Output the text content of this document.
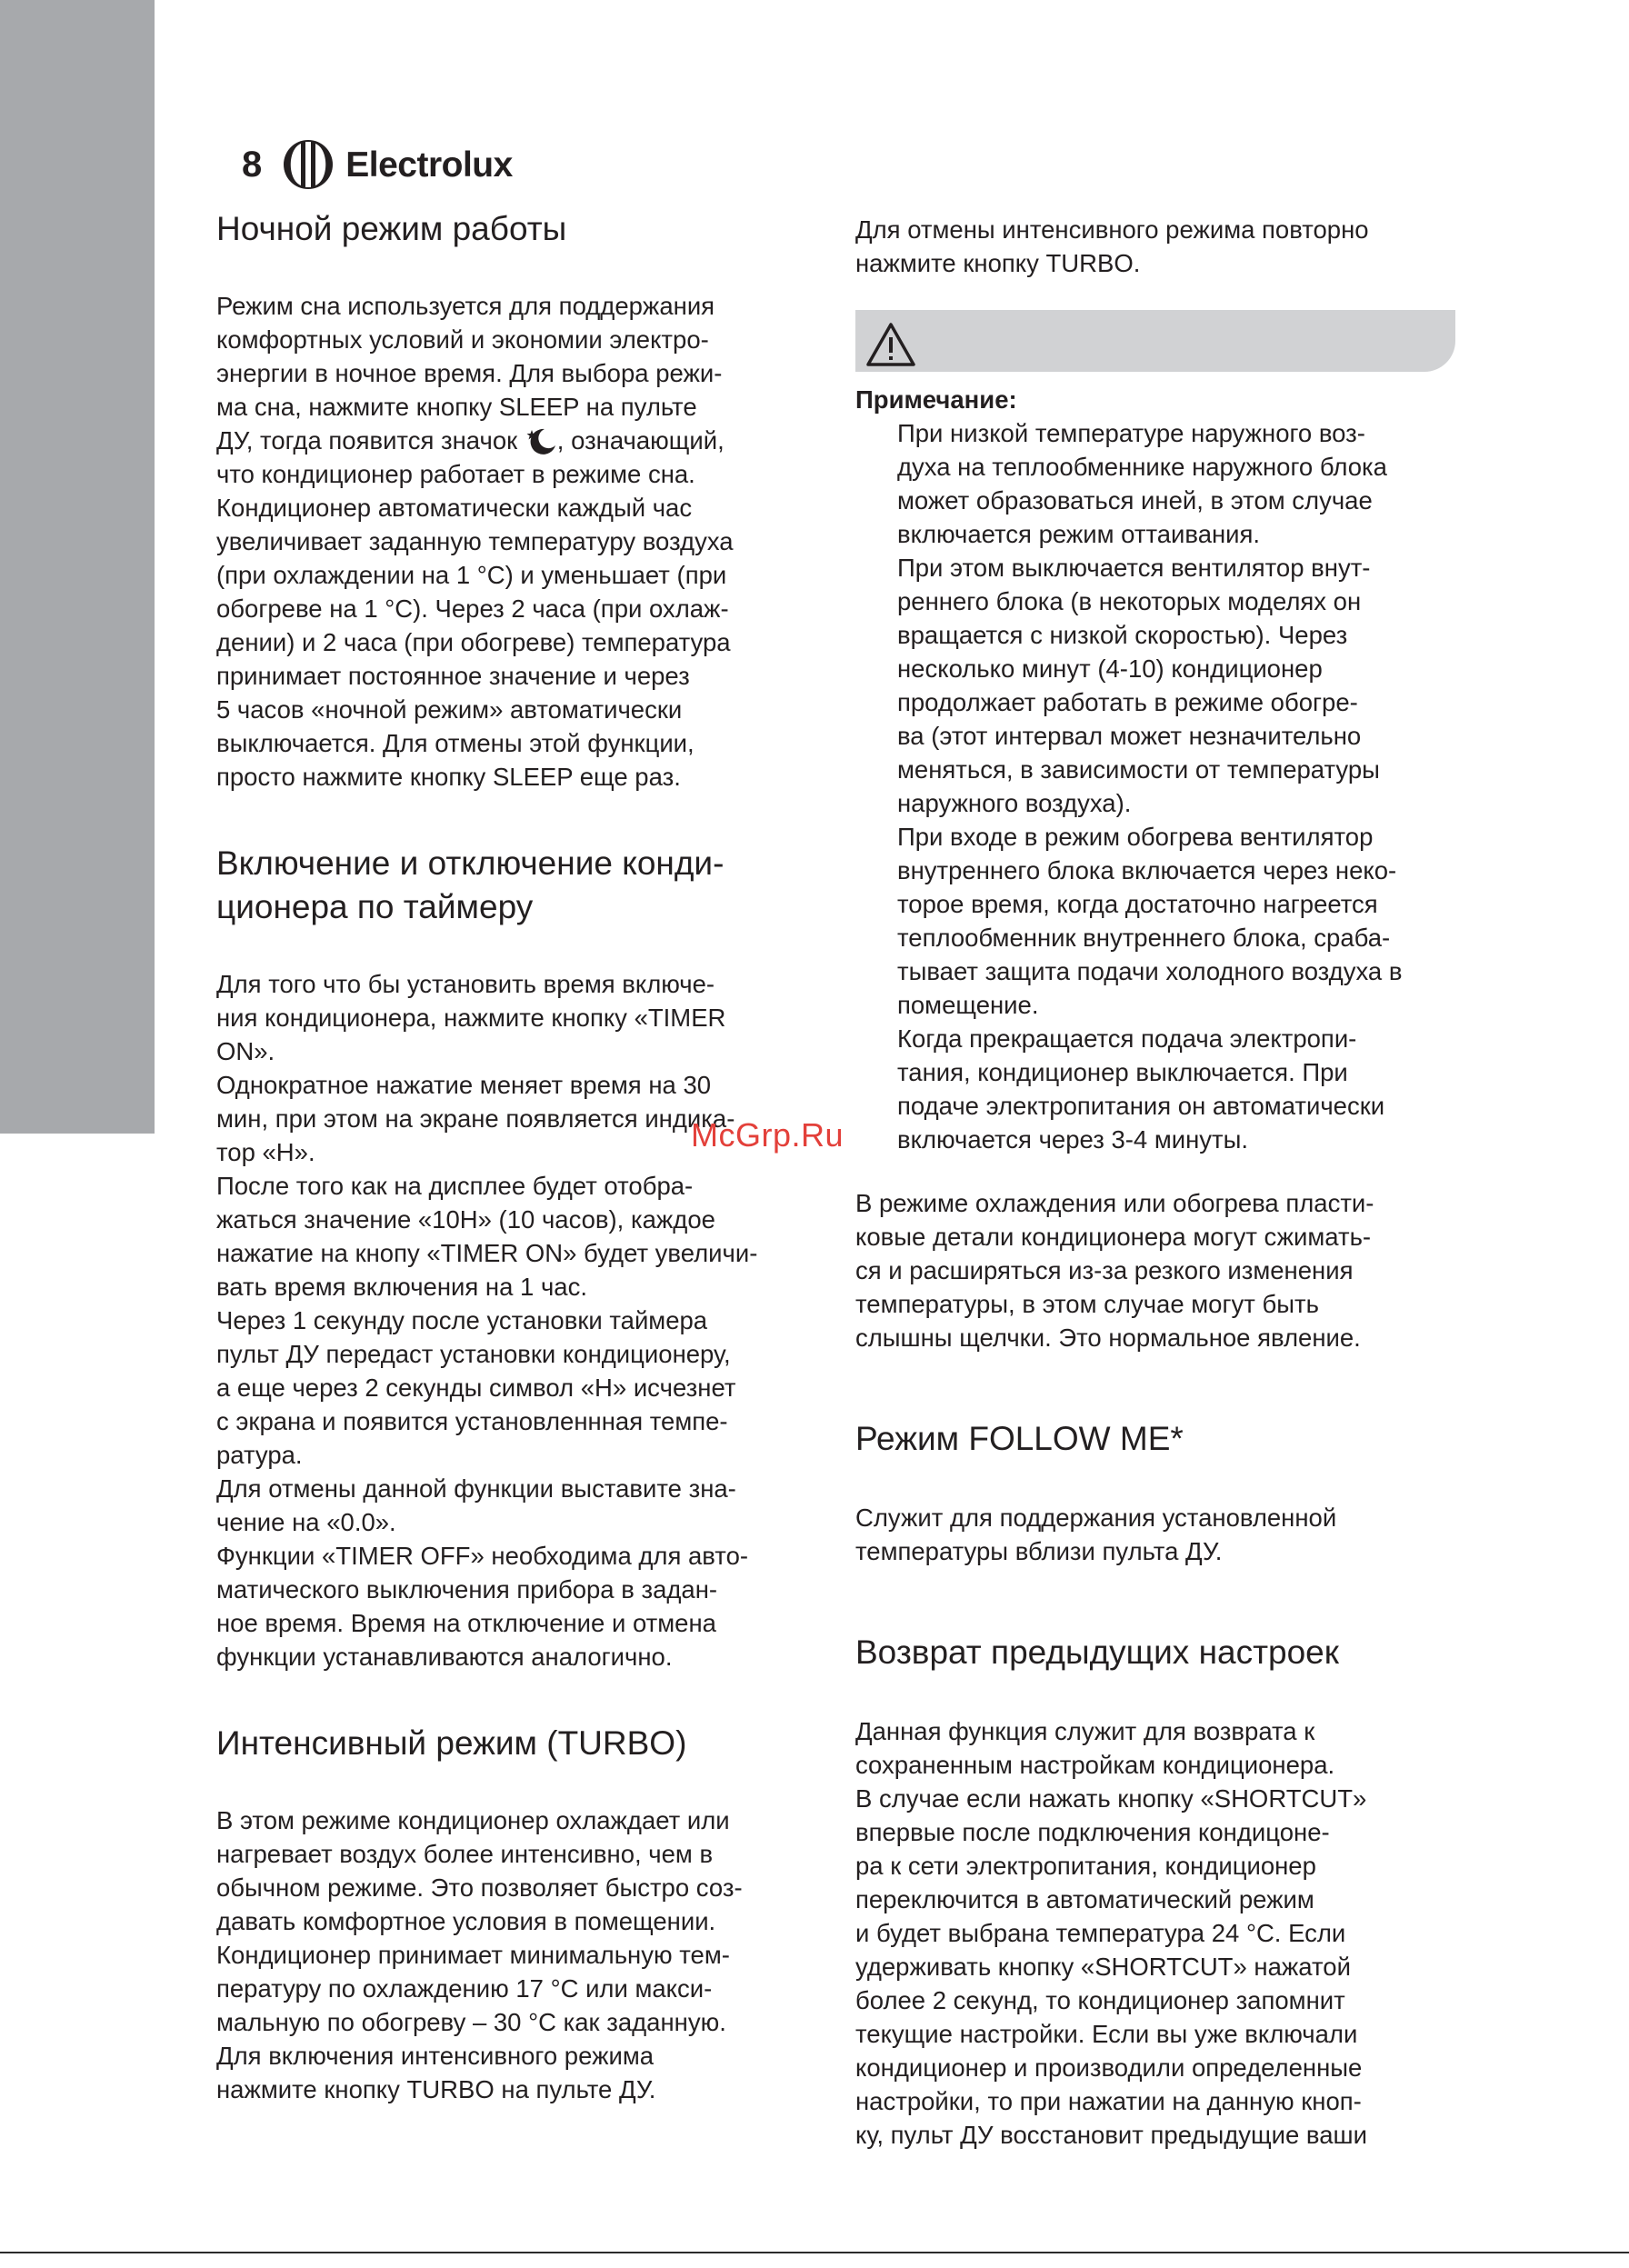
8 Electrolux
Ночной режим работы

Режим сна используется для поддержания

комфортных условий и экономии электро-

энергии в ночное время. Для выбора режи-

ма сна, нажмите кнопку SLEEP на пульте

ДУ, тогда появится значок , означающий,

что кондиционер работает в режиме сна.

Кондиционер автоматически каждый час

увеличивает заданную температуру воздуха

(при охлаждении на 1 °С) и уменьшает (при

обогреве на 1 °С). Через 2 часа (при охлаж-

дении) и 2 часа (при обогреве) температура

принимает постоянное значение и через

5 часов «ночной режим» автоматически

выключается. Для отмены этой функции,

просто нажмите кнопку SLEEP еще раз.

Включение и отключение конди-
ционера по таймеру

Для того что бы установить время включе-

ния кондиционера, нажмите кнопку «TIMER

ON».

Однократное нажатие меняет время на 30

мин, при этом на экране появляется индика-

тор «Н».

После того как на дисплее будет отобра-

жаться значение «10Н» (10 часов), каждое

нажатие на кнопу «TIMER ON» будет увеличи-

вать время включения на 1 час.

Через 1 секунду после установки таймера

пульт ДУ передаст установки кондиционеру,

а еще через 2 секунды символ «Н» исчезнет

с экрана и появится установленнная темпе-

ратура.

Для отмены данной функции выставите зна-

чение на «0.0».

Функции «TIMER OFF» необходима для авто-

матического выключения прибора в задан-

ное время. Время на отключение и отмена

функции устанавливаются аналогично.

Интенсивный режим (TURBO)

В этом режиме кондиционер охлаждает или

нагревает воздух более интенсивно, чем в

обычном режиме. Это позволяет быстро соз-

давать комфортное условия в помещении.

Кондиционер принимает минимальную тем-

пературу по охлаждению 17 °С или макси-

мальную по обогреву – 30 °С как заданную.

Для включения интенсивного режима

нажмите кнопку TURBO на пульте ДУ.

Для отмены интенсивного режима повторно

нажмите кнопку TURBO.

Примечание:

При низкой температуре наружного воз-

духа на теплообменнике наружного блока

может образоваться иней, в этом случае

включается режим оттаивания.

При этом выключается вентилятор внут-

реннего блока (в некоторых моделях он

вращается с низкой скоростью). Через

несколько минут (4-10) кондиционер

продолжает работать в режиме обогре-

ва (этот интервал может незначительно

меняться, в зависимости от температуры

наружного воздуха).

При входе в режим обогрева вентилятор

внутреннего блока включается через неко-

торое время, когда достаточно нагреется

теплообменник внутреннего блока, сраба-

тывает защита подачи холодного воздуха в

помещение.

Когда прекращается подача электропи-

тания, кондиционер выключается. При

подаче электропитания он автоматически

включается через 3-4 минуты.

В режиме охлаждения или обогрева пласти-

ковые детали кондиционера могут сжимать-

ся и расширяться из-за резкого изменения

температуры, в этом случае могут быть

слышны щелчки. Это нормальное явление.

Режим FOLLOW ME*

Служит для поддержания установленной

температуры вблизи пульта ДУ.

Возврат предыдущих настроек

Данная функция служит для возврата к

сохраненным настройкам кондиционера.

В случае если нажать кнопку «SHORTCUT»

впервые после подключения кондицоне-

ра к сети электропитания, кондиционер

переключится в автоматический режим

и будет выбрана температура 24 °С. Если

удерживать кнопку «SHORTCUT» нажатой

более 2 секунд, то кондиционер запомнит

текущие настройки. Если вы уже включали

кондиционер и производили определенные

настройки, то при нажатии на данную кноп-

ку, пульт ДУ восстановит предыдущие ваши

McGrp.Ru
